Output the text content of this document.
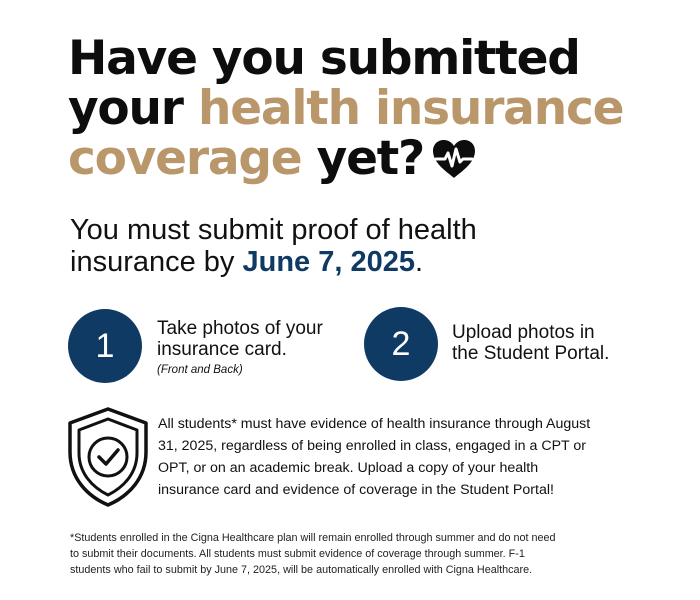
Have you submitted
your health insurance
coverage yet?

You must submit proof of health
insurance by June 7, 2025.

1	Take photos of your
insurance card.
(Front and Back)
2	Upload photos in
the Student Portal.
All students* must have evidence of health insurance through August
31, 2025, regardless of being enrolled in class, engaged in a CPT or
OPT, or on an academic break. Upload a copy of your health
insurance card and evidence of coverage in the Student Portal!
*Students enrolled in the Cigna Healthcare plan will remain enrolled through summer and do not need
to submit their documents. All students must submit evidence of coverage through summer. F-1
students who fail to submit by June 7, 2025, will be automatically enrolled with Cigna Healthcare.
